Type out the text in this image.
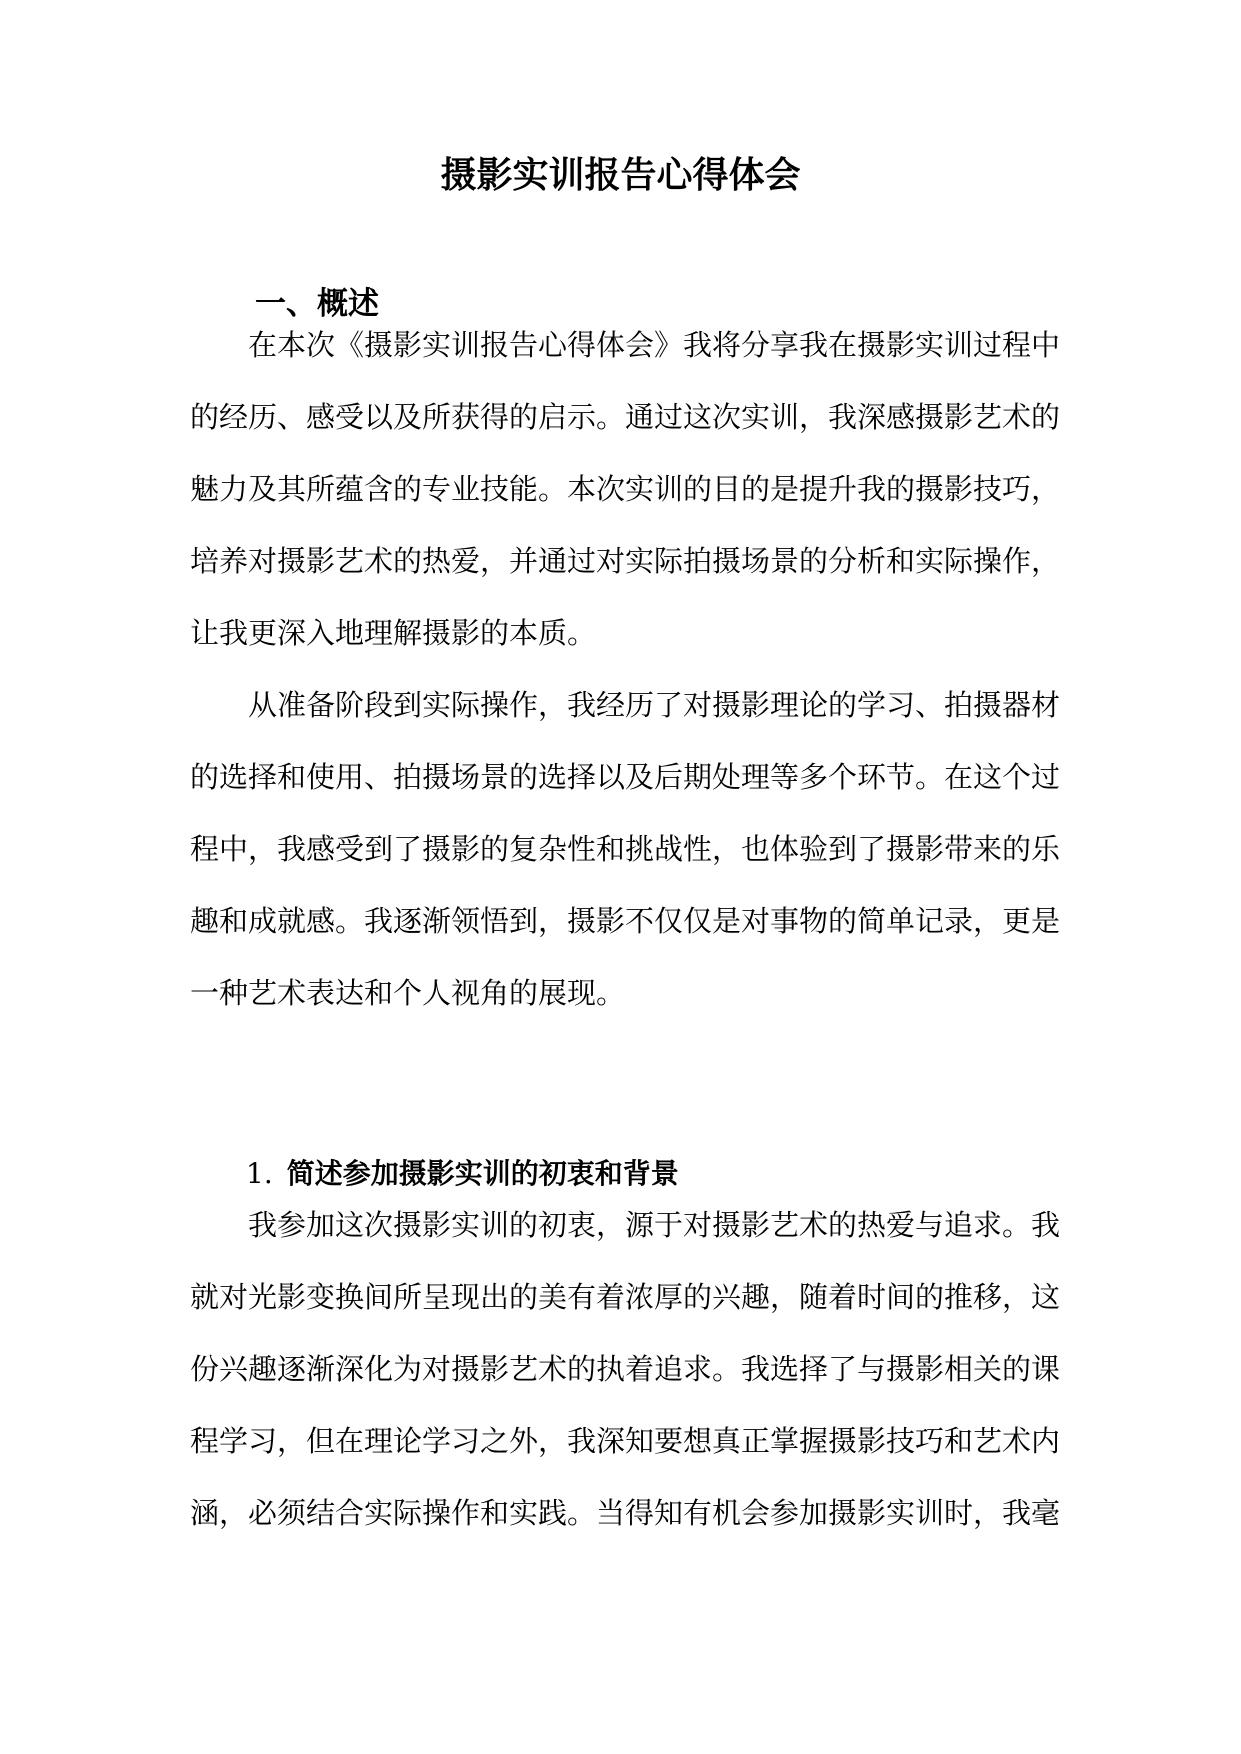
摄影实训报告心得体会
一、概述

在本次《摄影实训报告心得体会》我将分享我在摄影实训过程中的经历、感受以及所获得的启示。通过这次实训，我深感摄影艺术的魅力及其所蕴含的专业技能。本次实训的目的是提升我的摄影技巧，培养对摄影艺术的热爱，并通过对实际拍摄场景的分析和实际操作，让我更深入地理解摄影的本质。

从准备阶段到实际操作，我经历了对摄影理论的学习、拍摄器材的选择和使用、拍摄场景的选择以及后期处理等多个环节。在这个过程中，我感受到了摄影的复杂性和挑战性，也体验到了摄影带来的乐趣和成就感。我逐渐领悟到，摄影不仅仅是对事物的简单记录，更是一种艺术表达和个人视角的展现。

1. 简述参加摄影实训的初衷和背景

我参加这次摄影实训的初衷，源于对摄影艺术的热爱与追求。我就对光影变换间所呈现出的美有着浓厚的兴趣，随着时间的推移，这份兴趣逐渐深化为对摄影艺术的执着追求。我选择了与摄影相关的课程学习，但在理论学习之外，我深知要想真正掌握摄影技巧和艺术内涵，必须结合实际操作和实践。当得知有机会参加摄影实训时，我毫
